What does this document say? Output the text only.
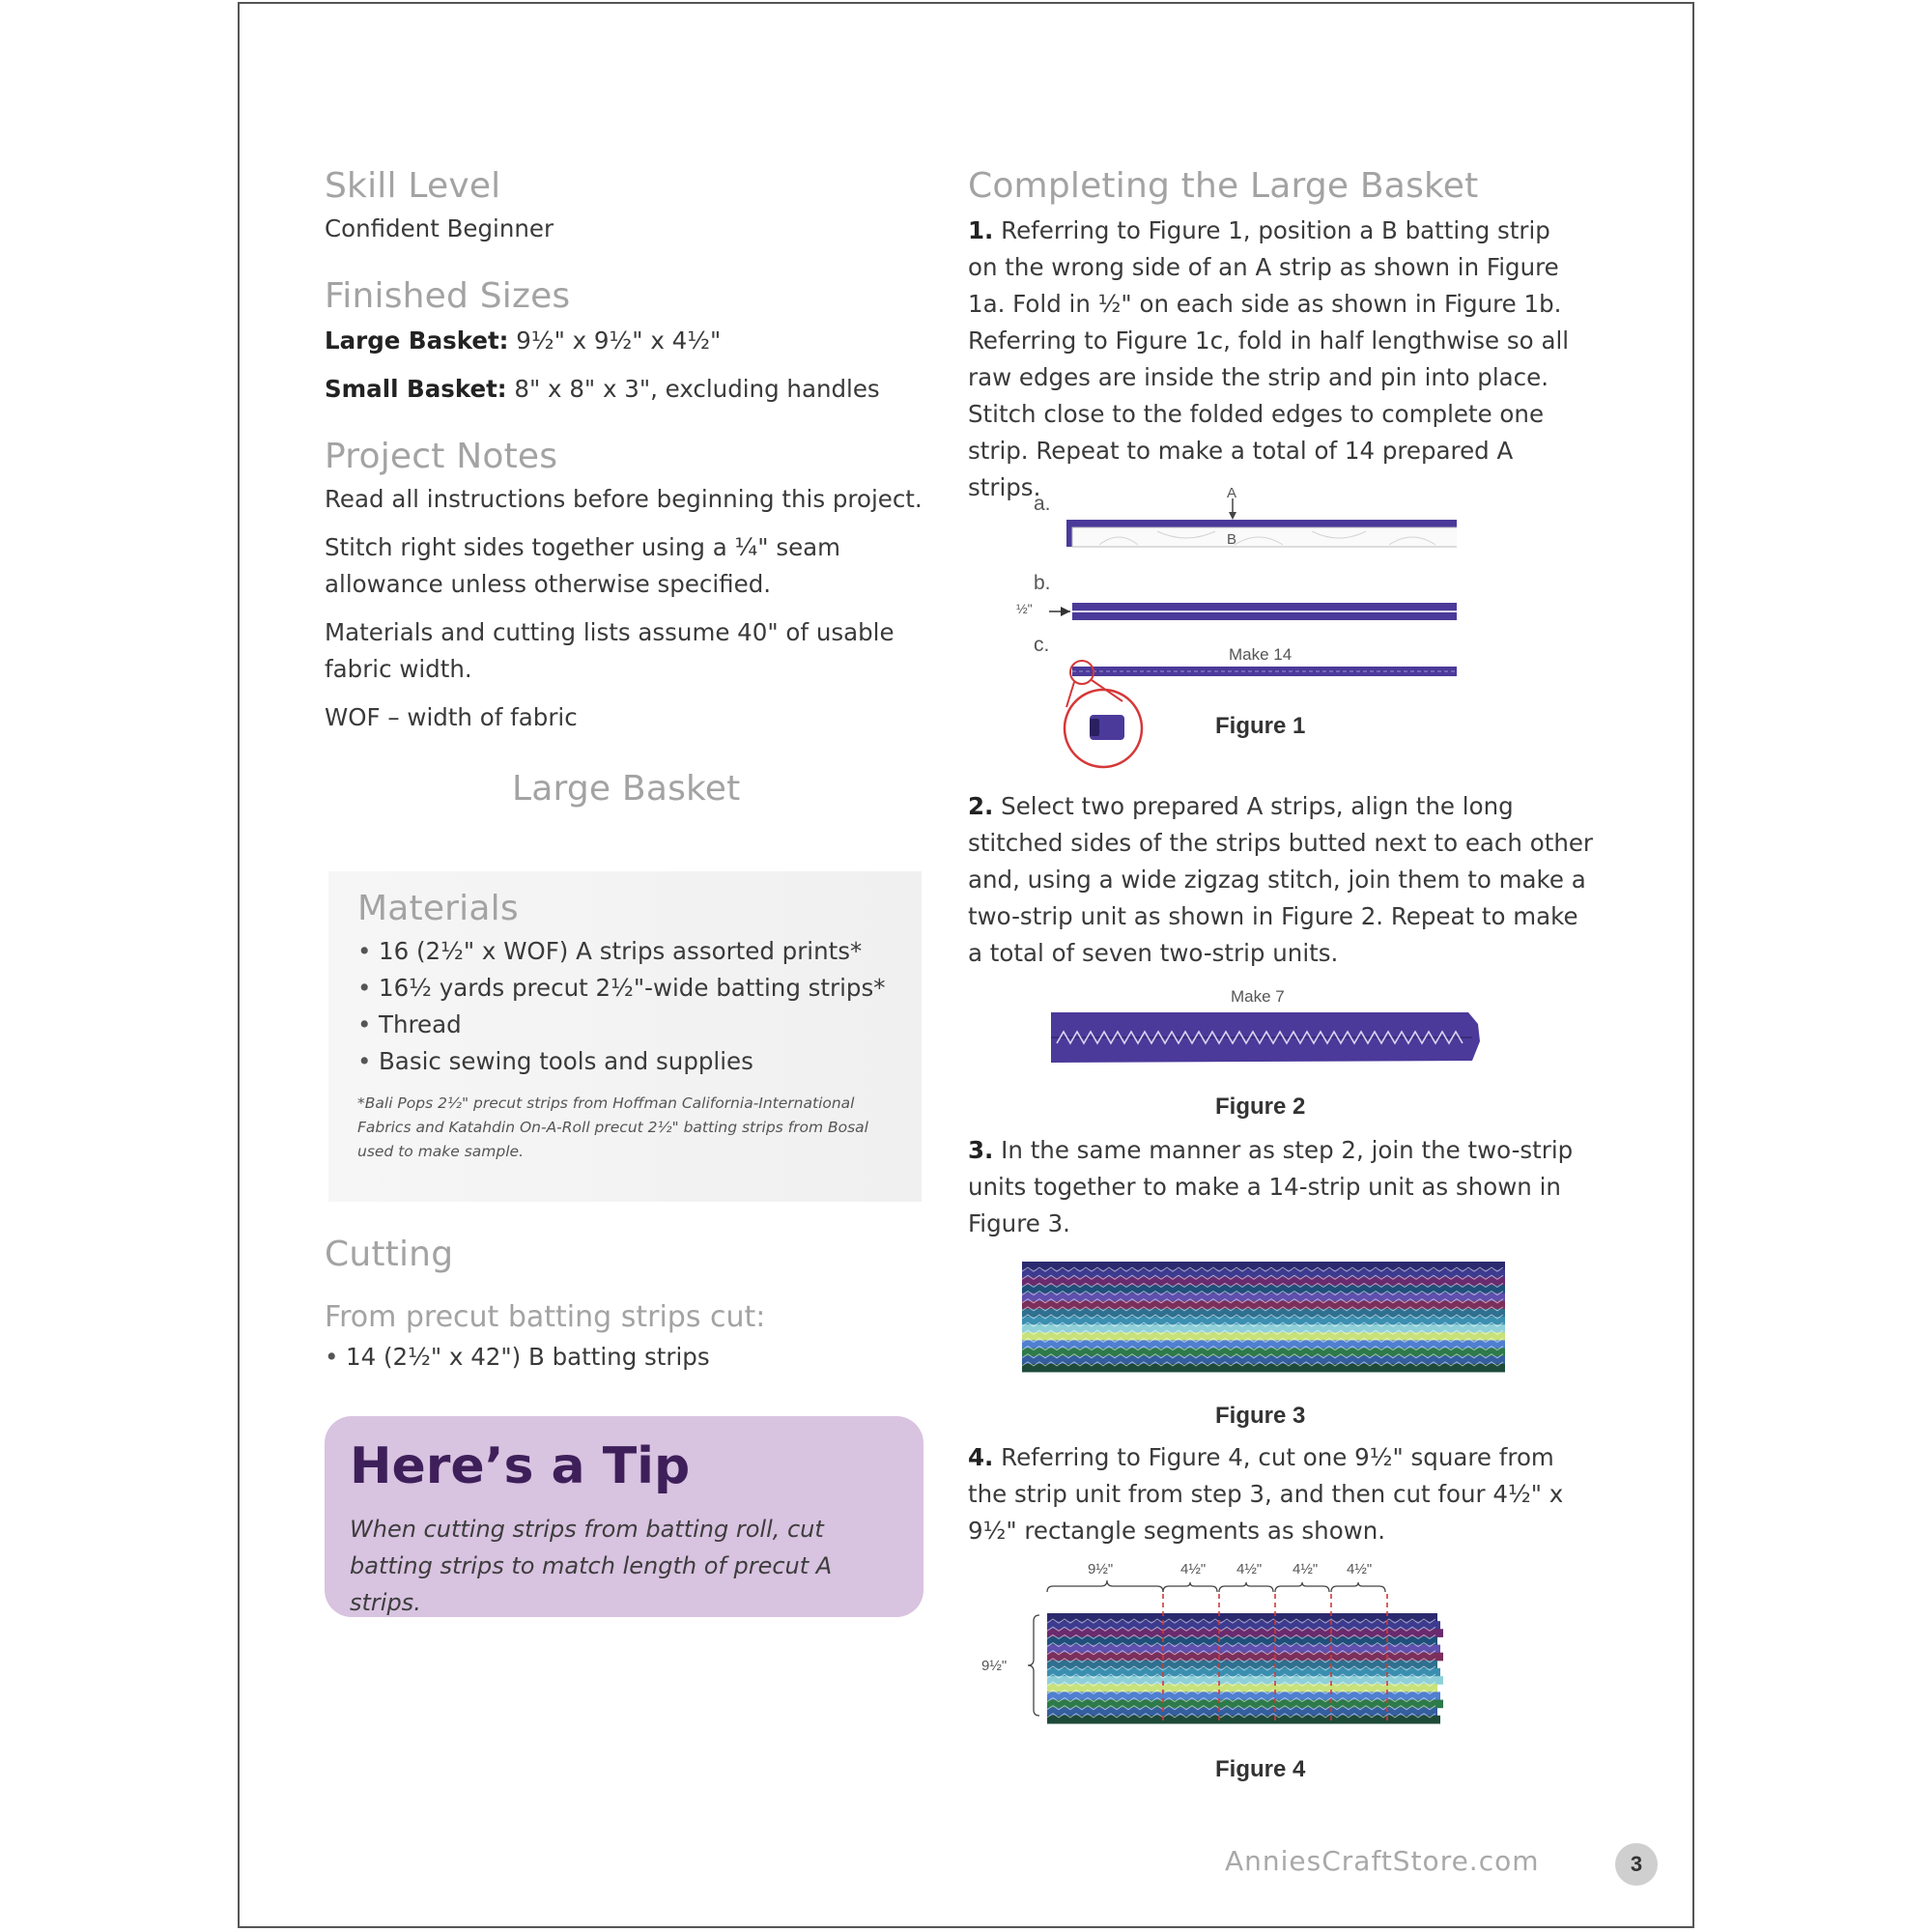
Skill Level
Confident Beginner
Finished Sizes
Large Basket: 9½" x 9½" x 4½"
Small Basket: 8" x 8" x 3", excluding handles
Project Notes
Read all instructions before beginning this project.
Stitch right sides together using a ¼" seam allowance unless otherwise specified.
Materials and cutting lists assume 40" of usable fabric width.
WOF – width of fabric
Large Basket
Materials
• 16 (2½" x WOF) A strips assorted prints*
• 16½ yards precut 2½"-wide batting strips*
• Thread
• Basic sewing tools and supplies
*Bali Pops 2½" precut strips from Hoffman California-International Fabrics and Katahdin On-A-Roll precut 2½" batting strips from Bosal used to make sample.
Cutting
From precut batting strips cut:
• 14 (2½" x 42") B batting strips
Here’s a Tip
When cutting strips from batting roll, cut batting strips to match length of precut A strips.
Completing the Large Basket
1. Referring to Figure 1, position a B batting strip on the wrong side of an A strip as shown in Figure 1a. Fold in ½" on each side as shown in Figure 1b. Referring to Figure 1c, fold in half lengthwise so all raw edges are inside the strip and pin into place. Stitch close to the folded edges to complete one strip. Repeat to make a total of 14 prepared A strips.
a.	A
B
b.
½"
c.	Make 14
Figure 1
2. Select two prepared A strips, align the long stitched sides of the strips butted next to each other and, using a wide zigzag stitch, join them to make a two-strip unit as shown in Figure 2. Repeat to make a total of seven two-strip units.
Make 7
Figure 2
3. In the same manner as step 2, join the two-strip units together to make a 14-strip unit as shown in Figure 3.
Figure 3
4. Referring to Figure 4, cut one 9½" square from the strip unit from step 3, and then cut four 4½" x 9½" rectangle segments as shown.
9½"	4½" 4½" 4½" 4½"
9½"
Figure 4
AnniesCraftStore.com	3
